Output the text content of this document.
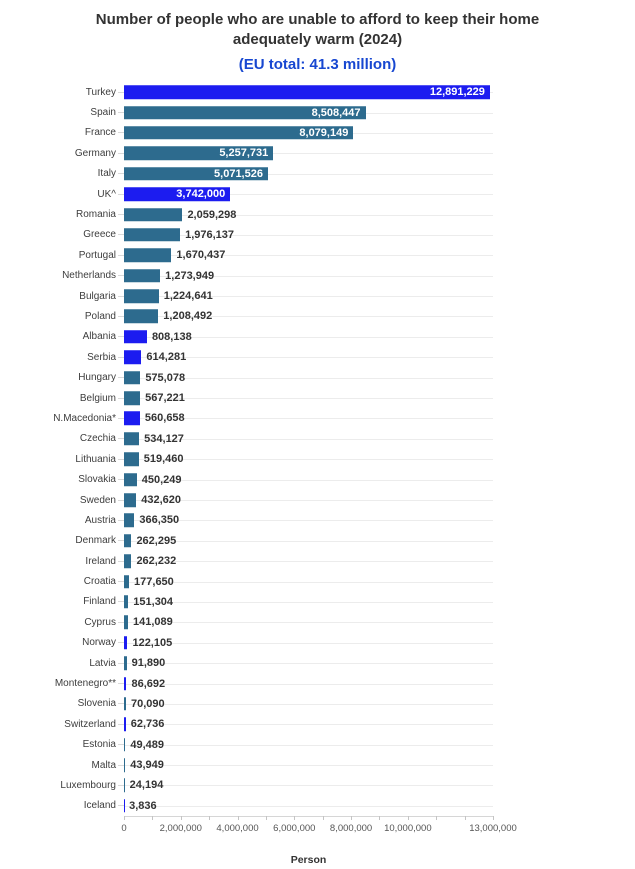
Number of people who are unable to afford to keep their home adequately warm (2024)
(EU total: 41.3 million)
Turkey	12,891,229
Spain	8,508,447
France	8,079,149
Germany	5,257,731
Italy	5,071,526
UK^	3,742,000
Romania	2,059,298
Greece	1,976,137
Portugal	1,670,437
Netherlands	1,273,949
Bulgaria	1,224,641
Poland	1,208,492
Albania	808,138
Serbia	614,281
Hungary	575,078
Belgium	567,221
N.Macedonia*	560,658
Czechia	534,127
Lithuania	519,460
Slovakia 450,249
Sweden 432,620
Austria 366,350
Denmark 262,295
Ireland 262,232
Croatia 177,650
Finland 151,304
Cyprus 141,089
Norway 122,105
Latvia 91,890
Montenegro** 86,692
Slovenia 70,090
Switzerland 62,736
Estonia 49,489
Malta 43,949
Luxembourg 24,194
Iceland 3,836
0	2,000,000 4,000,000 6,000,000 8,000,000 10,000,000	13,000,000
Person
